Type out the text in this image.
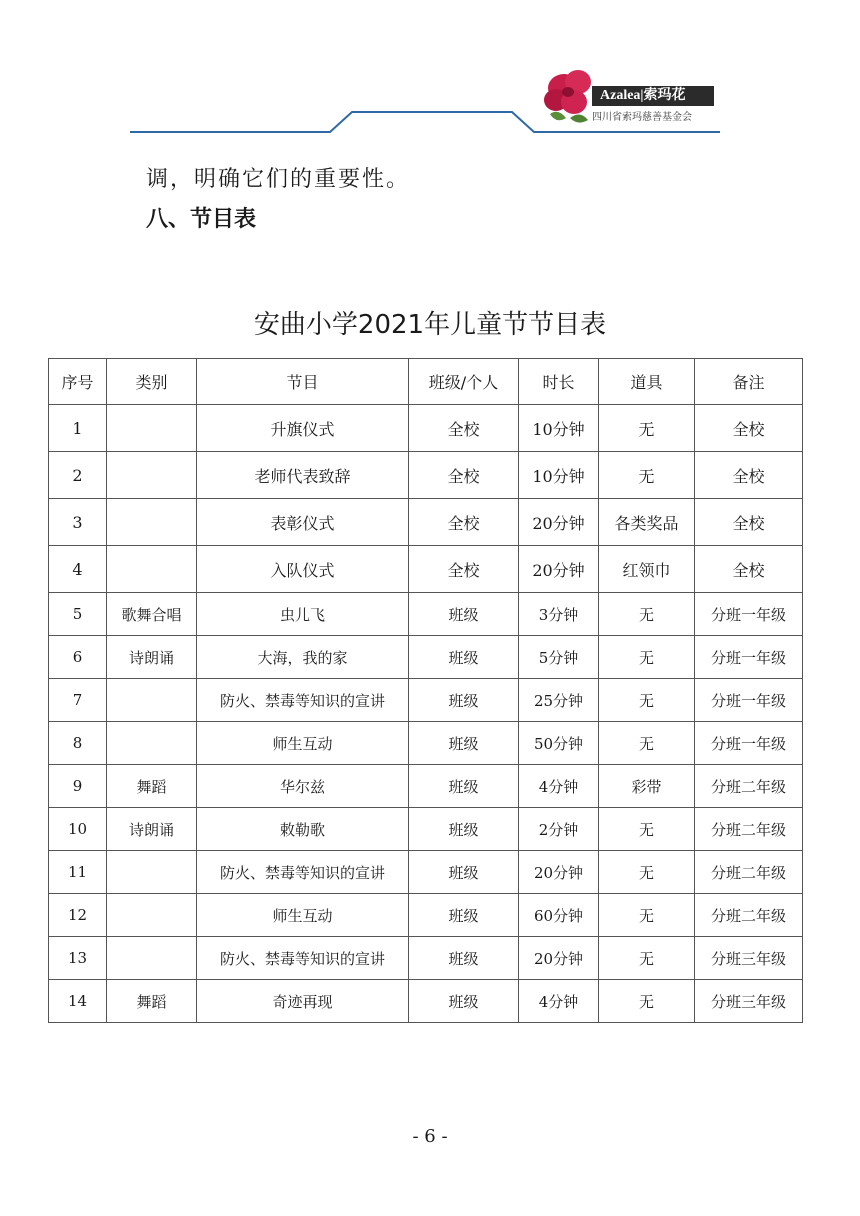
Azalea|索玛花
四川省索玛慈善基金会
调，明确它们的重要性。
八、节目表
安曲小学2021年儿童节节目表
序号	类别	节目	班级/个人	时长	道具	备注
1		升旗仪式	全校	10分钟	无	全校
2		老师代表致辞	全校	10分钟	无	全校
3		表彰仪式	全校	20分钟	各类奖品	全校
4		入队仪式	全校	20分钟	红领巾	全校
5	歌舞合唱	虫儿飞	班级	3分钟	无	分班一年级
6	诗朗诵	大海，我的家	班级	5分钟	无	分班一年级
7		防火、禁毒等知识的宣讲	班级	25分钟	无	分班一年级
8		师生互动	班级	50分钟	无	分班一年级
9	舞蹈	华尔兹	班级	4分钟	彩带	分班二年级
10	诗朗诵	敕勒歌	班级	2分钟	无	分班二年级
11		防火、禁毒等知识的宣讲	班级	20分钟	无	分班二年级
12		师生互动	班级	60分钟	无	分班二年级
13		防火、禁毒等知识的宣讲	班级	20分钟	无	分班三年级
14	舞蹈	奇迹再现	班级	4分钟	无	分班三年级
- 6 -
